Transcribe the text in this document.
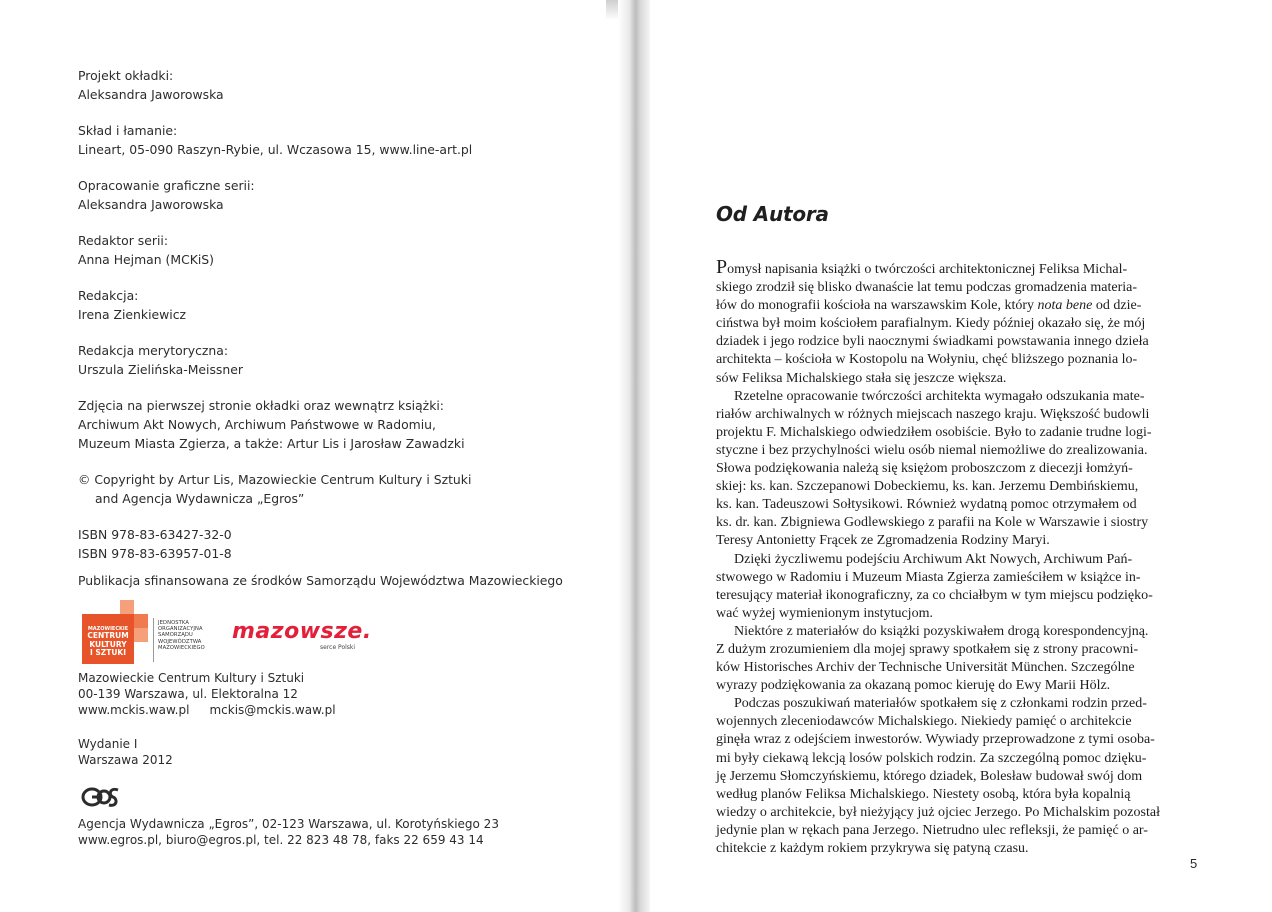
Projekt okładki:
Aleksandra Jaworowska
Skład i łamanie:
Lineart, 05-090 Raszyn-Rybie, ul. Wczasowa 15, www.line-art.pl
Opracowanie graficzne serii:
Aleksandra Jaworowska
Redaktor serii:
Anna Hejman (MCKiS)
Redakcja:
Irena Zienkiewicz
Redakcja merytoryczna:
Urszula Zielińska-Meissner
Zdjęcia na pierwszej stronie okładki oraz wewnątrz książki:
Archiwum Akt Nowych, Archiwum Państwowe w Radomiu,
Muzeum Miasta Zgierza, a także: Artur Lis i Jarosław Zawadzki
© Copyright by Artur Lis, Mazowieckie Centrum Kultury i Sztuki
and Agencja Wydawnicza „Egros”
ISBN 978-83-63427-32-0
ISBN 978-83-63957-01-8
Publikacja sfinansowana ze środków Samorządu Województwa Mazowieckiego
MAZOWIECKIE
CENTRUM
KULTURY
I SZTUKI
JEDNOSTKA
ORGANIZACYJNA
SAMORZĄDU
WOJEWÓDZTWA
MAZOWIECKIEGO
mazowsze.
serce Polski
Mazowieckie Centrum Kultury i Sztuki
00-139 Warszawa, ul. Elektoralna 12
www.mckis.waw.pl mckis@mckis.waw.pl
Wydanie I
Warszawa 2012
Agencja Wydawnicza „Egros”, 02-123 Warszawa, ul. Korotyńskiego 23
www.egros.pl, biuro@egros.pl, tel. 22 823 48 78, faks 22 659 43 14
Od Autora
Pomysł napisania książki o twórczości architektonicznej Feliksa Michal-
skiego zrodził się blisko dwanaście lat temu podczas gromadzenia materia-
łów do monografii kościoła na warszawskim Kole, który nota bene od dzie-
ciństwa był moim kościołem parafialnym. Kiedy później okazało się, że mój
dziadek i jego rodzice byli naocznymi świadkami powstawania innego dzieła
architekta – kościoła w Kostopolu na Wołyniu, chęć bliższego poznania lo-
sów Feliksa Michalskiego stała się jeszcze większa.
Rzetelne opracowanie twórczości architekta wymagało odszukania mate-
riałów archiwalnych w różnych miejscach naszego kraju. Większość budowli
projektu F. Michalskiego odwiedziłem osobiście. Było to zadanie trudne logi-
styczne i bez przychylności wielu osób niemal niemożliwe do zrealizowania.
Słowa podziękowania należą się księżom proboszczom z diecezji łomżyń-
skiej: ks. kan. Szczepanowi Dobeckiemu, ks. kan. Jerzemu Dembińskiemu,
ks. kan. Tadeuszowi Sołtysikowi. Również wydatną pomoc otrzymałem od
ks. dr. kan. Zbigniewa Godlewskiego z parafii na Kole w Warszawie i siostry
Teresy Antonietty Frącek ze Zgromadzenia Rodziny Maryi.
Dzięki życzliwemu podejściu Archiwum Akt Nowych, Archiwum Pań-
stwowego w Radomiu i Muzeum Miasta Zgierza zamieściłem w książce in-
teresujący materiał ikonograficzny, za co chciałbym w tym miejscu podzięko-
wać wyżej wymienionym instytucjom.
Niektóre z materiałów do książki pozyskiwałem drogą korespondencyjną.
Z dużym zrozumieniem dla mojej sprawy spotkałem się z strony pracowni-
ków Historisches Archiv der Technische Universität München. Szczególne
wyrazy podziękowania za okazaną pomoc kieruję do Ewy Marii Hölz.
Podczas poszukiwań materiałów spotkałem się z członkami rodzin przed-
wojennych zleceniodawców Michalskiego. Niekiedy pamięć o architekcie
ginęła wraz z odejściem inwestorów. Wywiady przeprowadzone z tymi osoba-
mi były ciekawą lekcją losów polskich rodzin. Za szczególną pomoc dzięku-
ję Jerzemu Słomczyńskiemu, którego dziadek, Bolesław budował swój dom
według planów Feliksa Michalskiego. Niestety osobą, która była kopalnią
wiedzy o architekcie, był nieżyjący już ojciec Jerzego. Po Michalskim pozostał
jedynie plan w rękach pana Jerzego. Nietrudno ulec refleksji, że pamięć o ar-
chitekcie z każdym rokiem przykrywa się patyną czasu.
5
